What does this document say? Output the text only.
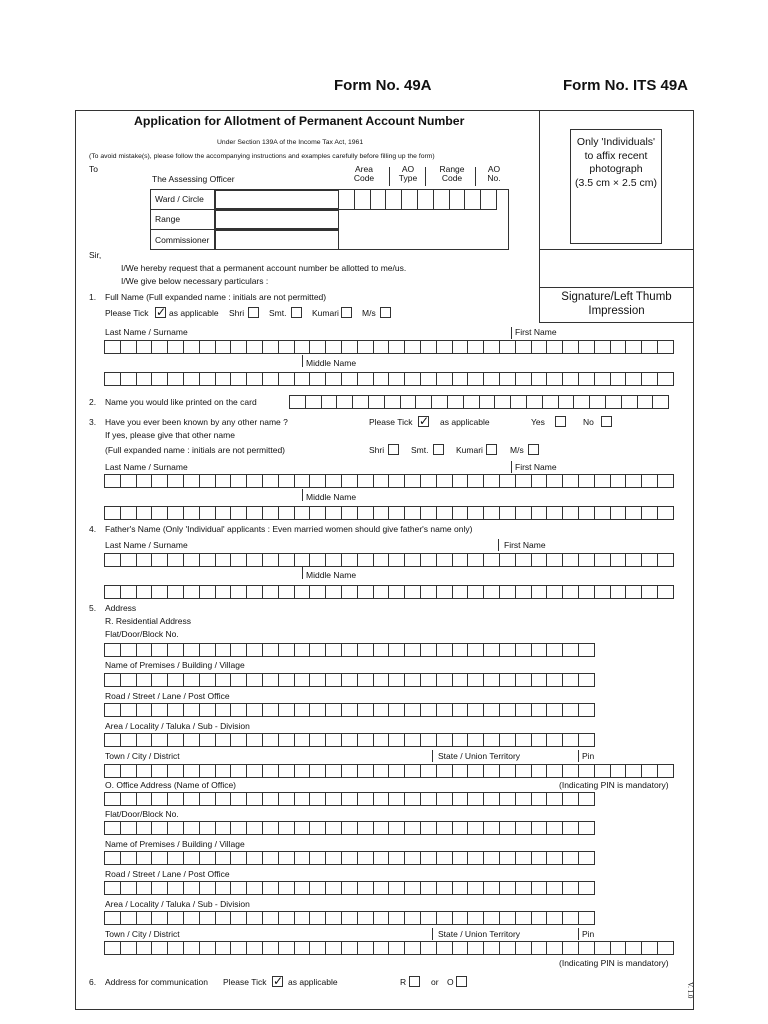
Form No. 49A	Form No. ITS 49A
Only 'Individuals'
to affix recent
photograph
(3.5 cm × 2.5 cm)
Signature/Left Thumb
Impression
Application for Allotment of Permanent Account Number
Under Section 139A of the Income Tax Act, 1961
(To avoid mistake(s), please follow the accompanying instructions and examples carefully before filling up the form)
To
The Assessing Officer
Area
Code
AO
Type
Range
Code
AO
No.
Ward / Circle
Range
Commissioner
Sir,
I/We hereby request that a permanent account number be allotted to me/us.
I/We give below necessary particulars :
1. Full Name (Full expanded name : initials are not permitted)
Please Tick ✓ as applicable Shri	Smt.	Kumari	M/s
Last Name / Surname	First Name
Middle Name
2. Name you would like printed on the card
3. Have you ever been known by any other name ?	Please Tick ✓	as applicable	Yes	No
If yes, please give that other name
(Full expanded name : initials are not permitted)	Shri	Smt.	Kumari	M/s
Last Name / Surname	First Name
Middle Name
4. Father's Name (Only 'Individual' applicants : Even married women should give father's name only)
Last Name / Surname	First Name
Middle Name
5. Address
R. Residential Address
Flat/Door/Block No.
Name of Premises / Building / Village
Road / Street / Lane / Post Office
Area / Locality / Taluka / Sub - Division
Town / City / District	State / Union Territory	Pin
O. Office Address (Name of Office)	(Indicating PIN is mandatory)
Flat/Door/Block No.
Name of Premises / Building / Village
Road / Street / Lane / Post Office
Area / Locality / Taluka / Sub - Division
Town / City / District	State / Union Territory	Pin
(Indicating PIN is mandatory)
6. Address for communication Please Tick ✓	as applicable	R	or O	V. 1.0
